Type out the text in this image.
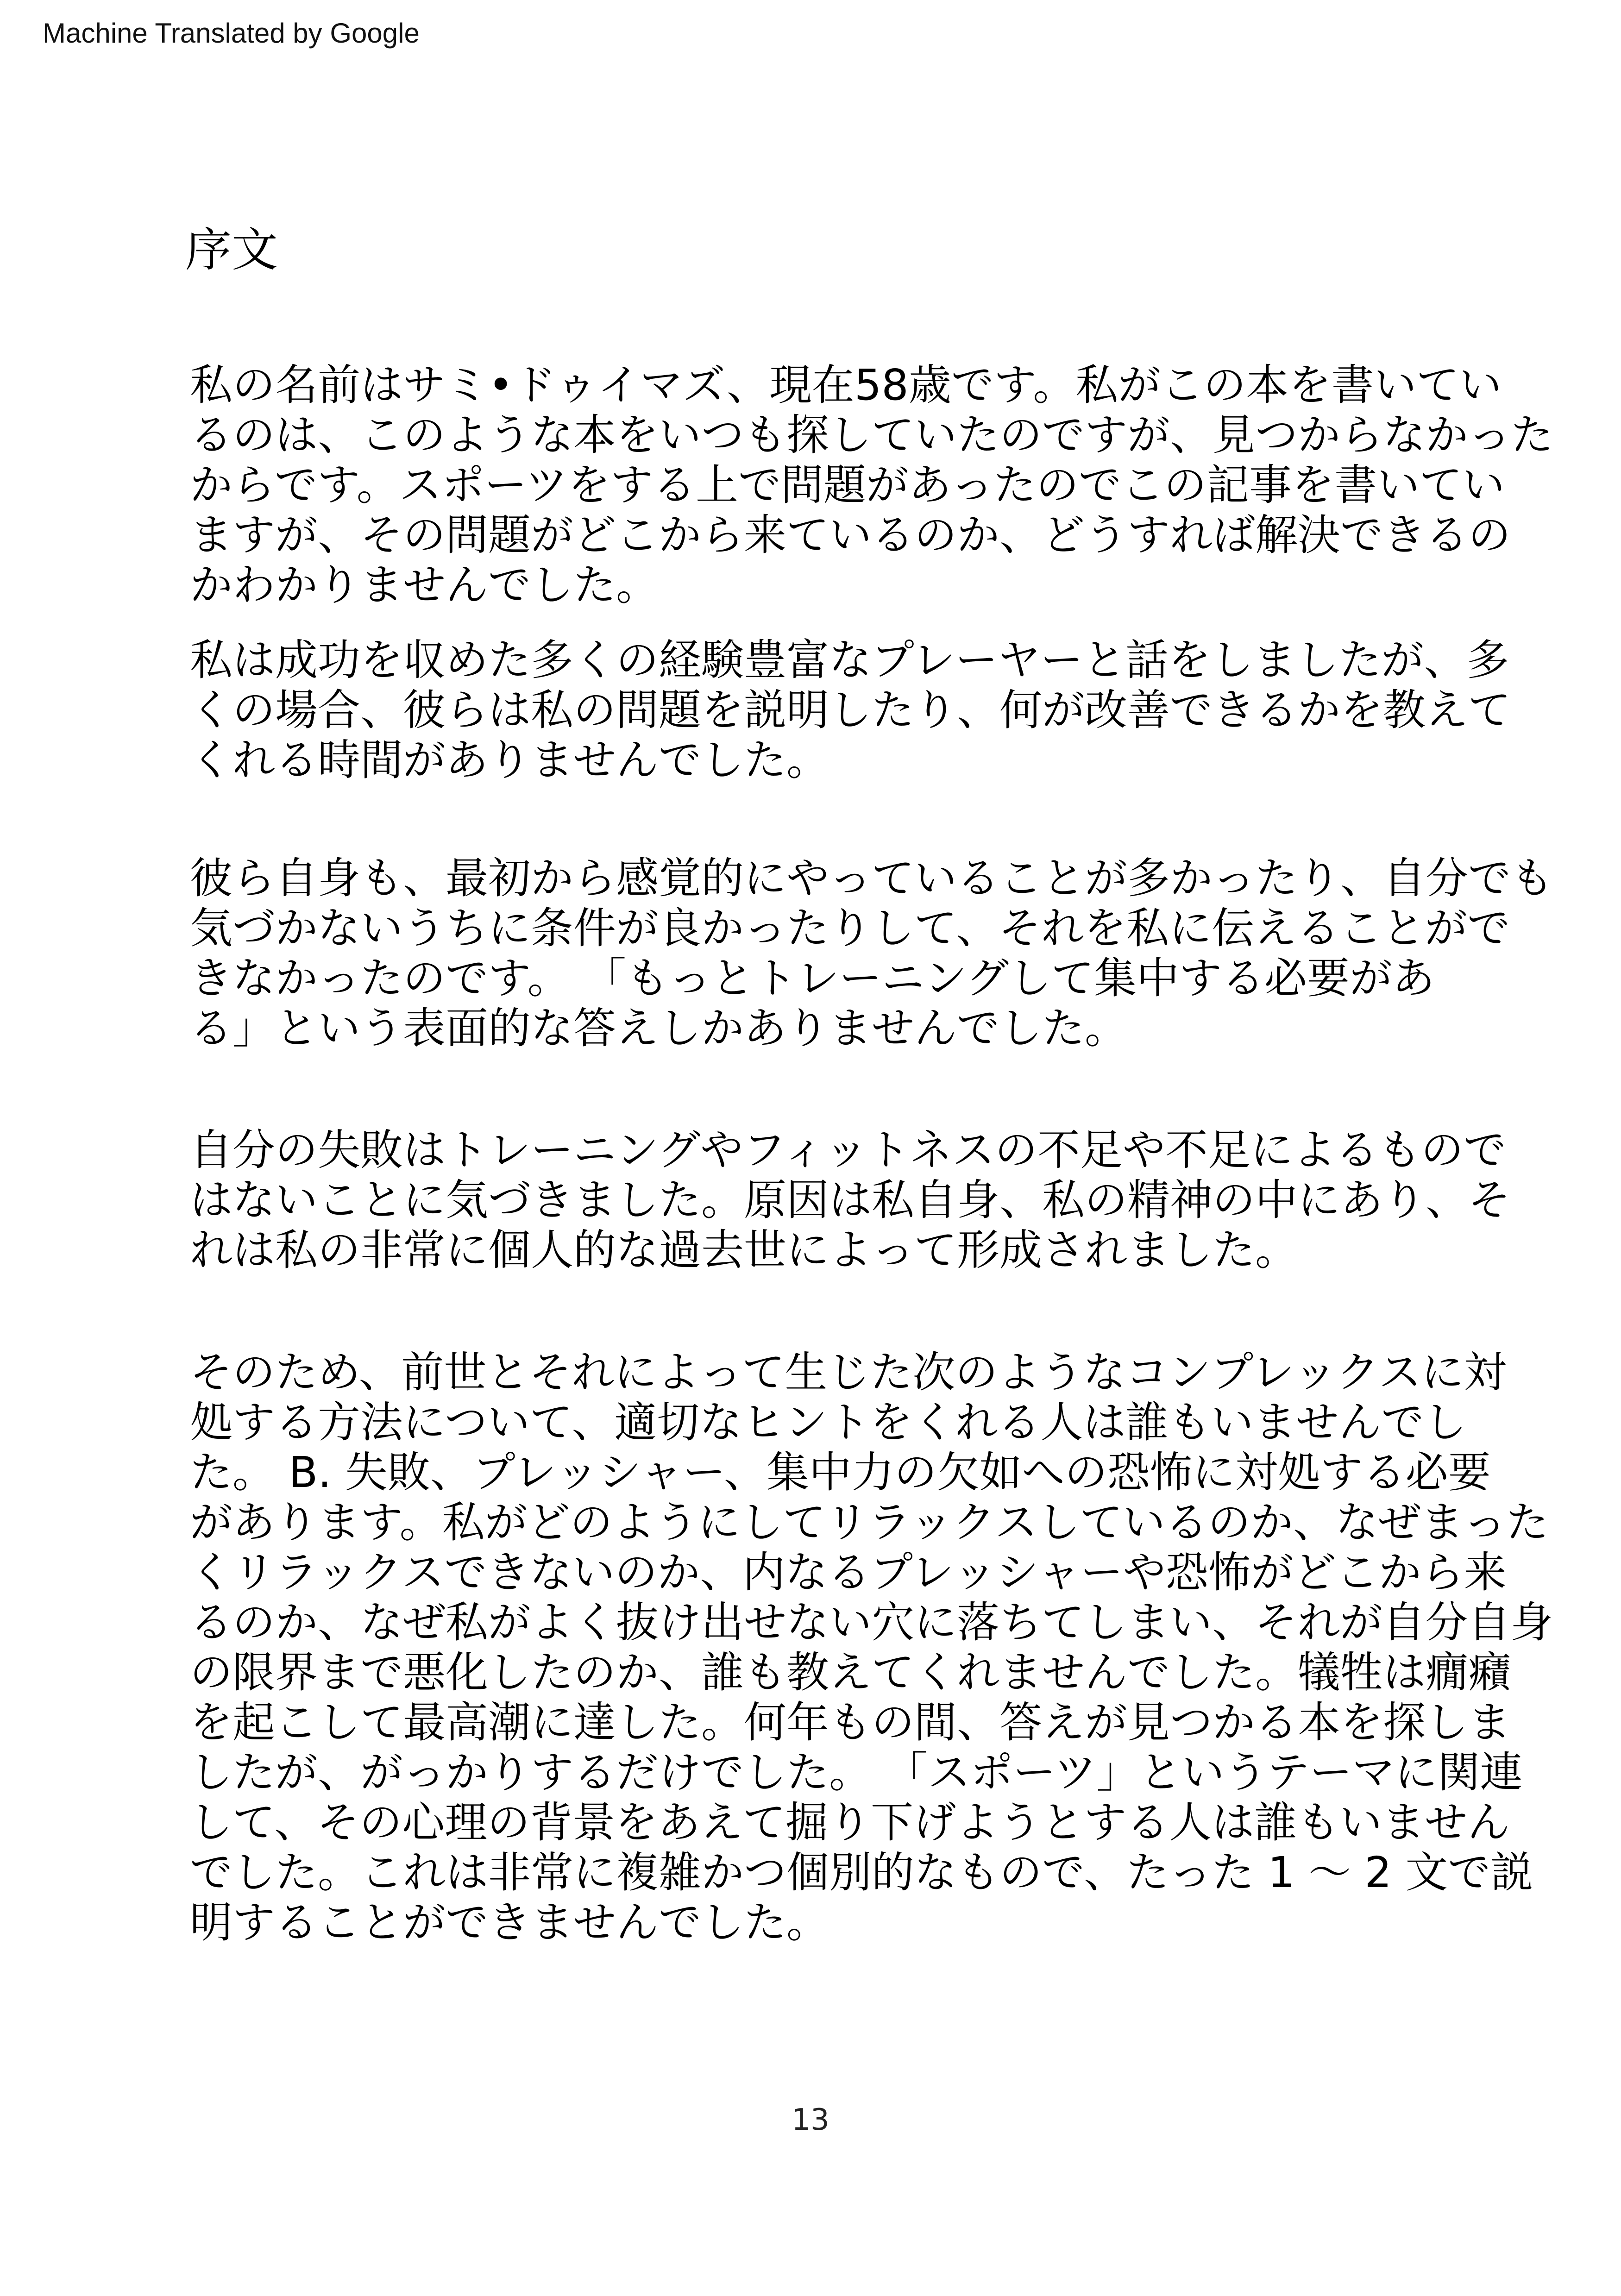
Machine Translated by Google
序文
私の名前はサミ•ドゥイマズ、現在58歳です。私がこの本を書いてい
るのは、このような本をいつも探していたのですが、見つからなかった
からです。スポーツをする上で問題があったのでこの記事を書いてい
ますが、その問題がどこから来ているのか、どうすれば解決できるの
かわかりませんでした。
私は成功を収めた多くの経験豊富なプレーヤーと話をしましたが、多
くの場合、彼らは私の問題を説明したり、何が改善できるかを教えて
くれる時間がありませんでした。
彼ら自身も、最初から感覚的にやっていることが多かったり、自分でも
気づかないうちに条件が良かったりして、それを私に伝えることがで
きなかったのです。 「もっとトレーニングして集中する必要があ
る」という表面的な答えしかありませんでした。
自分の失敗はトレーニングやフィットネスの不足や不足によるもので
はないことに気づきました。原因は私自身、私の精神の中にあり、そ
れは私の非常に個人的な過去世によって形成されました。
そのため、前世とそれによって生じた次のようなコンプレックスに対
処する方法について、適切なヒントをくれる人は誰もいませんでし
た。 B. 失敗、プレッシャー、集中力の欠如への恐怖に対処する必要
があります。私がどのようにしてリラックスしているのか、なぜまった
くリラックスできないのか、内なるプレッシャーや恐怖がどこから来
るのか、なぜ私がよく抜け出せない穴に落ちてしまい、それが自分自身
の限界まで悪化したのか、誰も教えてくれませんでした。犠牲は癇癪
を起こして最高潮に達した。何年もの間、答えが見つかる本を探しま
したが、がっかりするだけでした。 「スポーツ」というテーマに関連
して、その心理の背景をあえて掘り下げようとする人は誰もいません
でした。これは非常に複雑かつ個別的なもので、たった 1 ～ 2 文で説
明することができませんでした。
13
